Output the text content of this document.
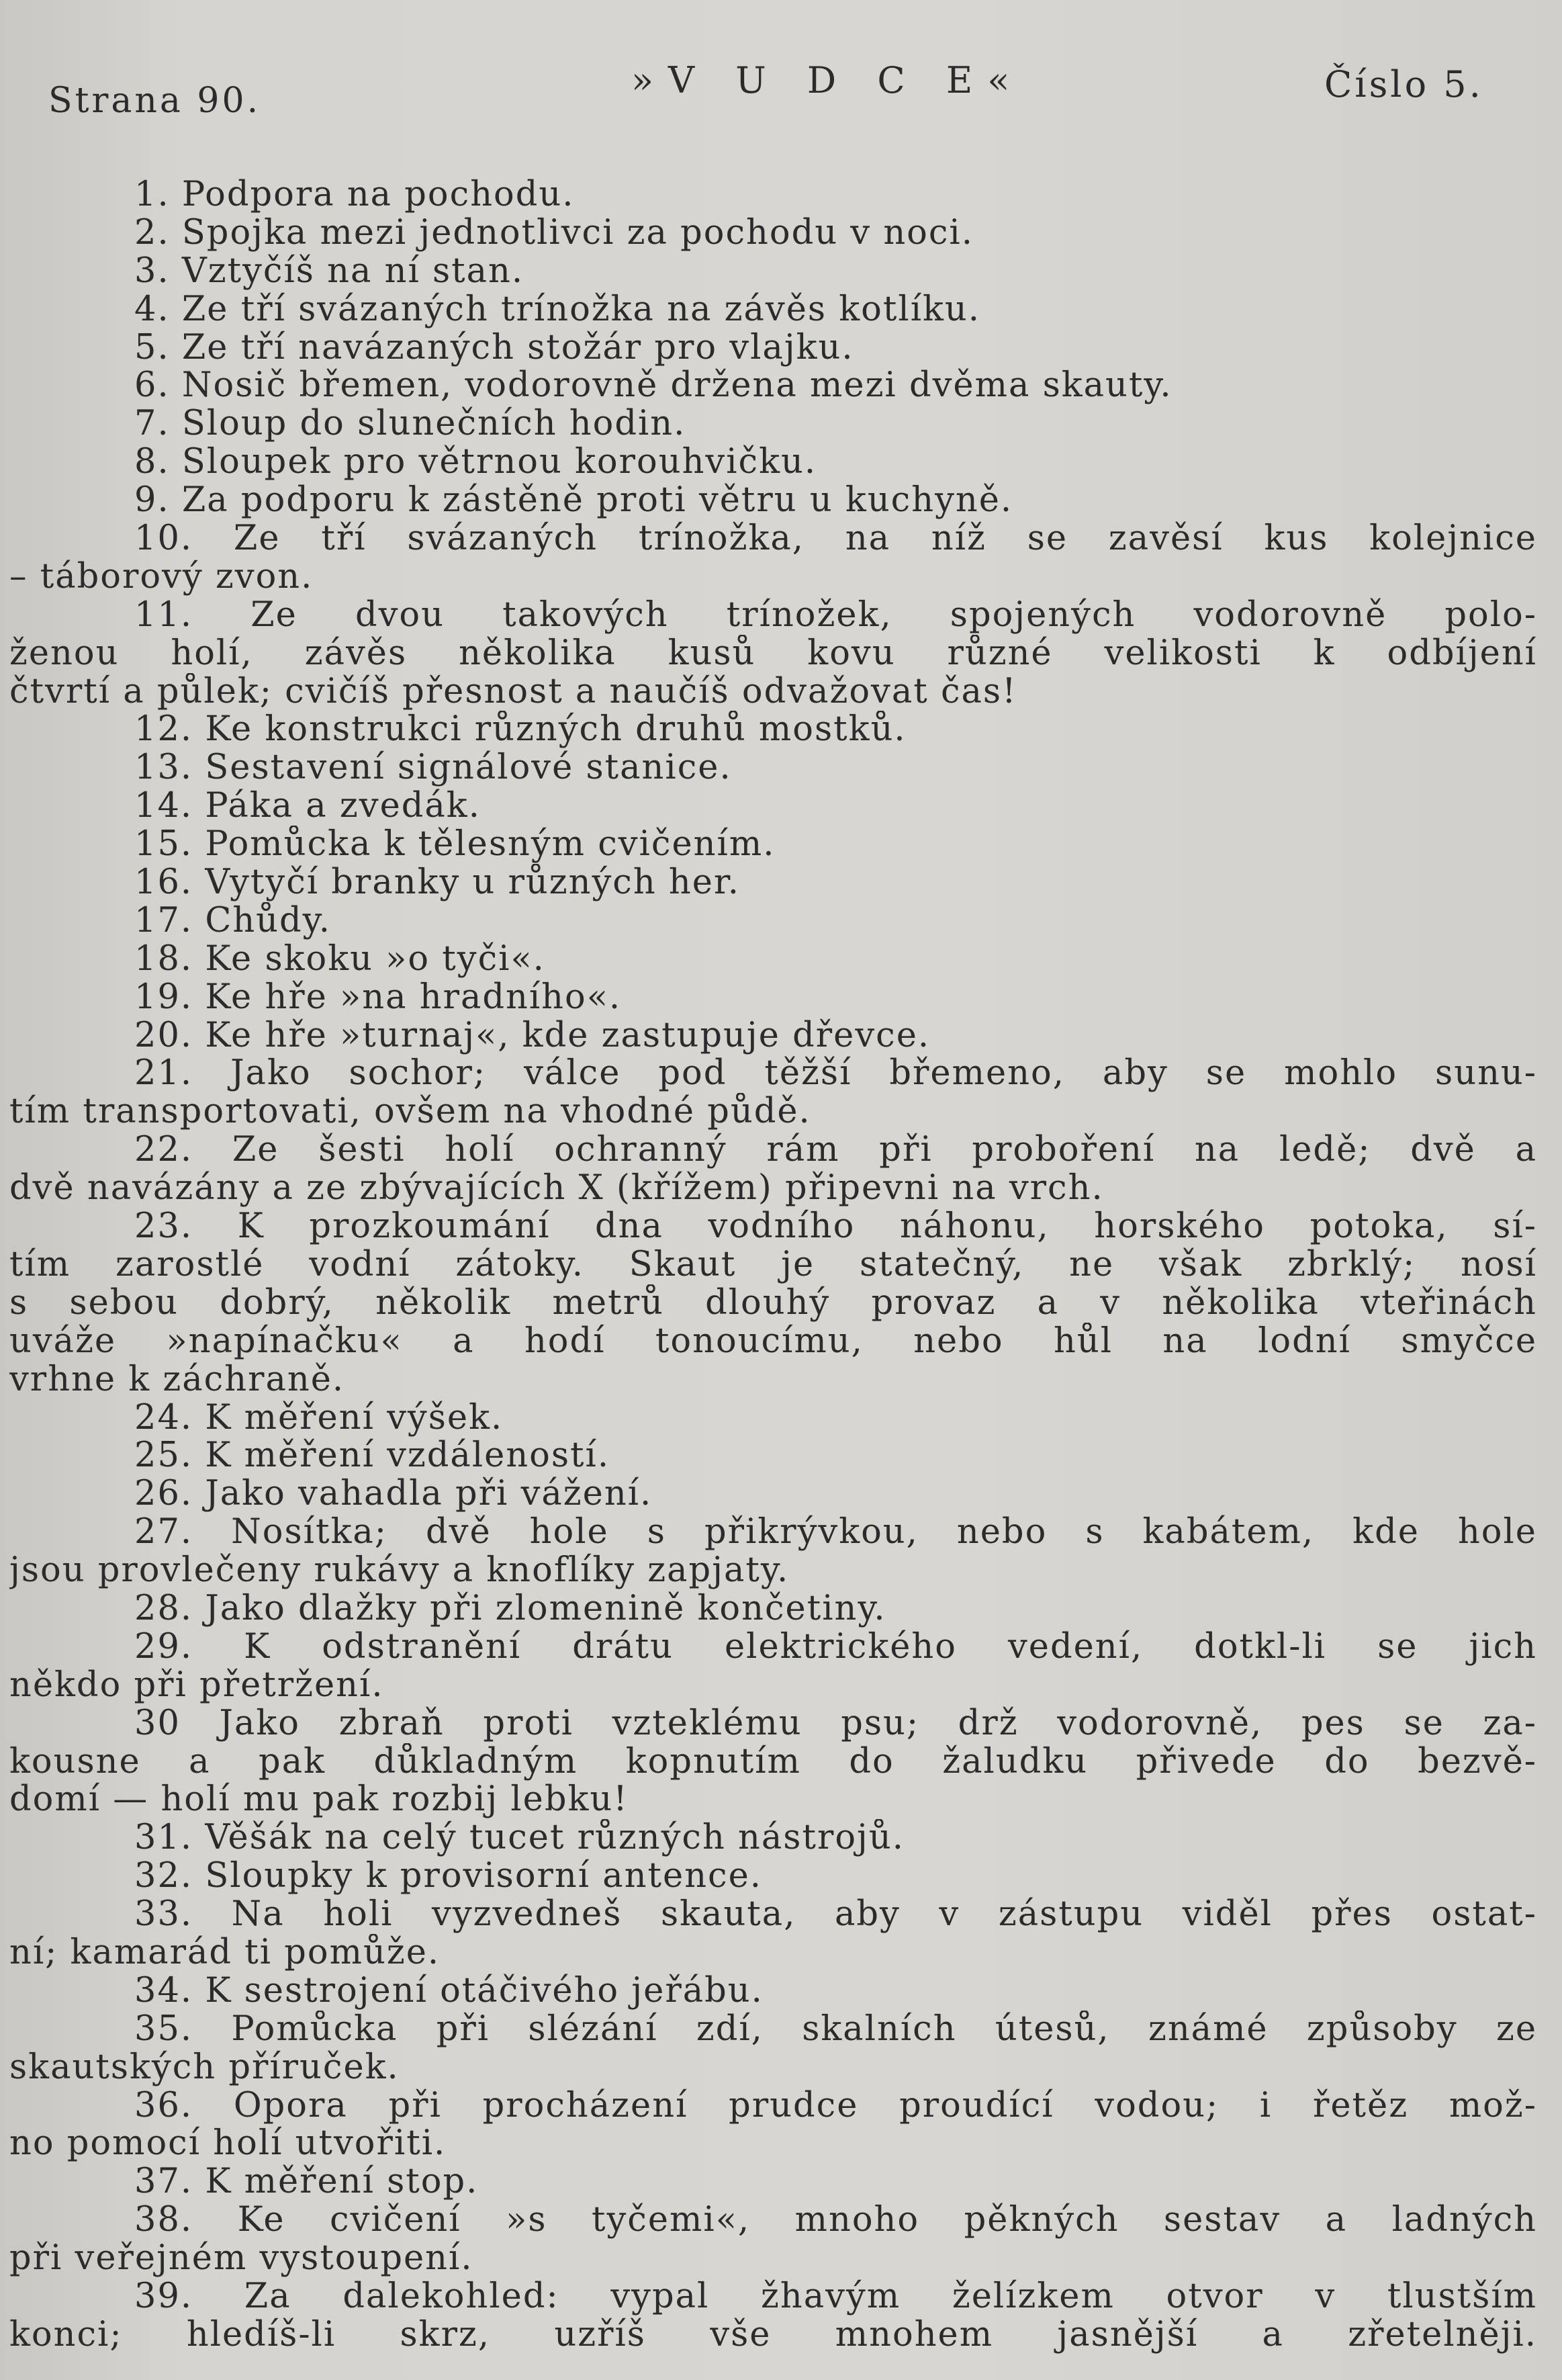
Strana 90.	»V U D C E«	Číslo 5.
1. Podpora na pochodu.
2. Spojka mezi jednotlivci za pochodu v noci.
3. Vztyčíš na ní stan.
4. Ze tří svázaných trínožka na závěs kotlíku.
5. Ze tří navázaných stožár pro vlajku.
6. Nosič břemen, vodorovně držena mezi dvěma skauty.
7. Sloup do slunečních hodin.
8. Sloupek pro větrnou korouhvičku.
9. Za podporu k zástěně proti větru u kuchyně.
10. Ze tří svázaných trínožka, na níž se zavěsí kus kolejnice
– táborový zvon.
11. Ze dvou takových trínožek, spojených vodorovně polo-
ženou holí, závěs několika kusů kovu různé velikosti k odbíjení
čtvrtí a půlek; cvičíš přesnost a naučíš odvažovat čas!
12. Ke konstrukci různých druhů mostků.
13. Sestavení signálové stanice.
14. Páka a zvedák.
15. Pomůcka k tělesným cvičením.
16. Vytyčí branky u různých her.
17. Chůdy.
18. Ke skoku »o tyči«.
19. Ke hře »na hradního«.
20. Ke hře »turnaj«, kde zastupuje dřevce.
21. Jako sochor; válce pod těžší břemeno, aby se mohlo sunu-
tím transportovati, ovšem na vhodné půdě.
22. Ze šesti holí ochranný rám při proboření na ledě; dvě a
dvě navázány a ze zbývajících X (křížem) připevni na vrch.
23. K prozkoumání dna vodního náhonu, horského potoka, sí-
tím zarostlé vodní zátoky. Skaut je statečný, ne však zbrklý; nosí
s sebou dobrý, několik metrů dlouhý provaz a v několika vteřinách
uváže »napínačku« a hodí tonoucímu, nebo hůl na lodní smyčce
vrhne k záchraně.
24. K měření výšek.
25. K měření vzdáleností.
26. Jako vahadla při vážení.
27. Nosítka; dvě hole s přikrývkou, nebo s kabátem, kde hole
jsou provlečeny rukávy a knoflíky zapjaty.
28. Jako dlažky při zlomenině končetiny.
29. K odstranění drátu elektrického vedení, dotkl-li se jich
někdo při přetržení.
30 Jako zbraň proti vzteklému psu; drž vodorovně, pes se za-
kousne a pak důkladným kopnutím do žaludku přivede do bezvě-
domí — holí mu pak rozbij lebku!
31. Věšák na celý tucet různých nástrojů.
32. Sloupky k provisorní antence.
33. Na holi vyzvedneš skauta, aby v zástupu viděl přes ostat-
ní; kamarád ti pomůže.
34. K sestrojení otáčivého jeřábu.
35. Pomůcka při slézání zdí, skalních útesů, známé způsoby ze
skautských příruček.
36. Opora při procházení prudce proudící vodou; i řetěz mož-
no pomocí holí utvořiti.
37. K měření stop.
38. Ke cvičení »s tyčemi«, mnoho pěkných sestav a ladných
při veřejném vystoupení.
39. Za dalekohled: vypal žhavým želízkem otvor v tlustším
konci; hledíš-li skrz, uzříš vše mnohem jasnější a zřetelněji.
